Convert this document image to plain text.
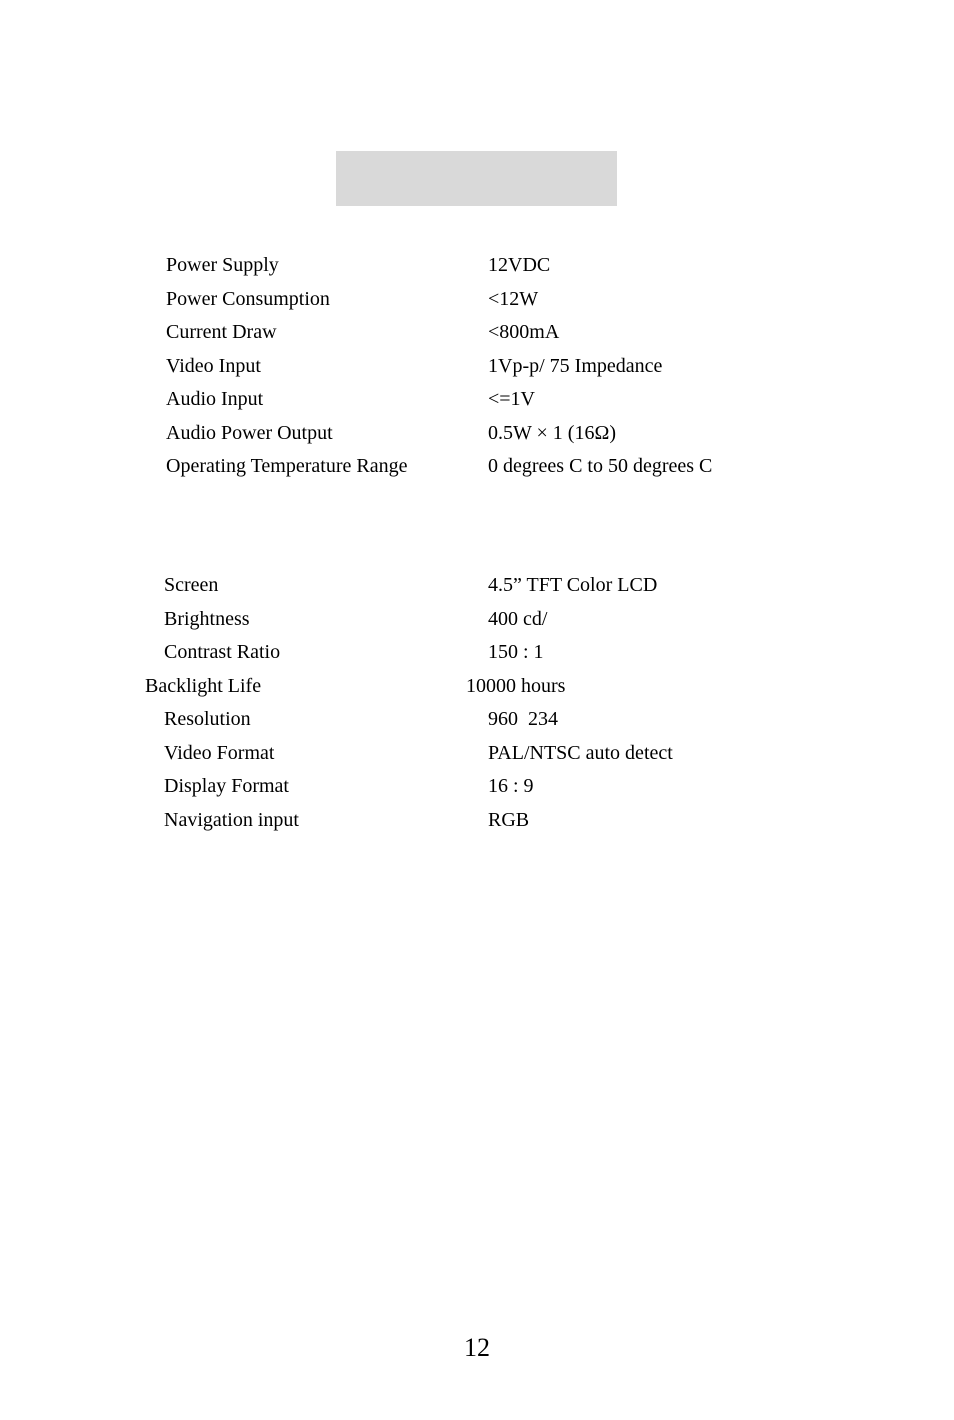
Power Supply	12VDC
Power Consumption	<12W
Current Draw	<800mA
Video Input	1Vp-p/ 75 Impedance
Audio Input	<=1V
Audio Power Output	0.5W × 1 (16Ω)
Operating Temperature Range	0 degrees C to 50 degrees C
Screen	4.5” TFT Color LCD
Brightness	400 cd/
Contrast Ratio	150 : 1
Backlight Life	10000 hours
Resolution	960  234
Video Format	PAL/NTSC auto detect
Display Format	16 : 9
Navigation input	RGB
12
